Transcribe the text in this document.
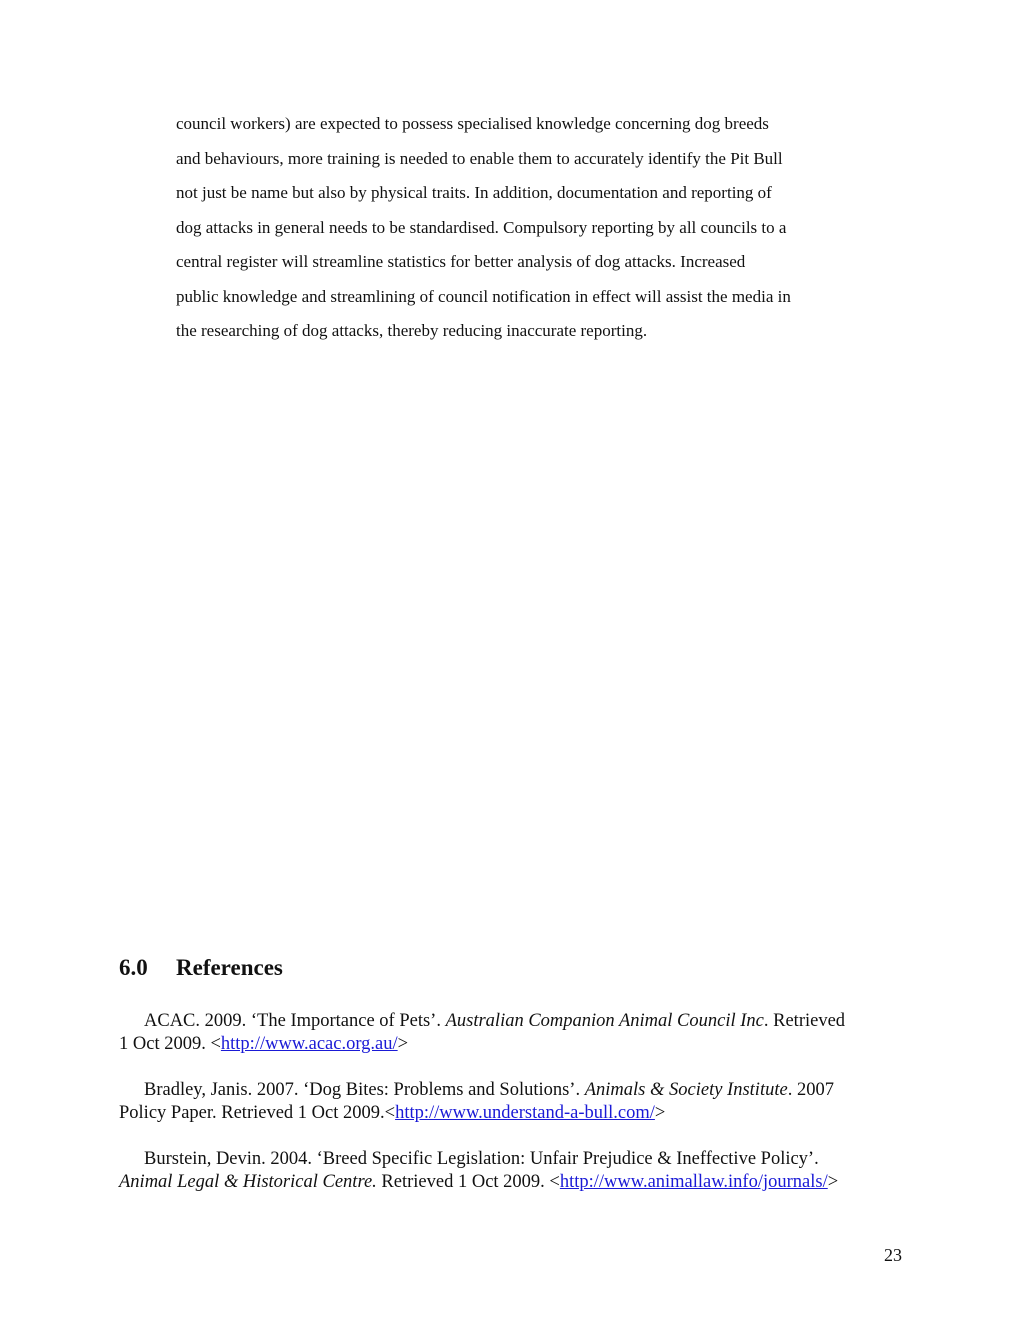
council workers) are expected to possess specialised knowledge concerning dog breeds
and behaviours, more training is needed to enable them to accurately identify the Pit Bull
not just be name but also by physical traits. In addition, documentation and reporting of
dog attacks in general needs to be standardised. Compulsory reporting by all councils to a
central register will streamline statistics for better analysis of dog attacks. Increased
public knowledge and streamlining of council notification in effect will assist the media in
the researching of dog attacks, thereby reducing inaccurate reporting.
6.0 References
ACAC. 2009. ‘The Importance of Pets’. Australian Companion Animal Council Inc. Retrieved
1 Oct 2009. <http://www.acac.org.au/>
Bradley, Janis. 2007. ‘Dog Bites: Problems and Solutions’. Animals & Society Institute. 2007
Policy Paper. Retrieved 1 Oct 2009.<http://www.understand-a-bull.com/>
Burstein, Devin. 2004. ‘Breed Specific Legislation: Unfair Prejudice & Ineffective Policy’.
Animal Legal & Historical Centre. Retrieved 1 Oct 2009. <http://www.animallaw.info/journals/>
23
